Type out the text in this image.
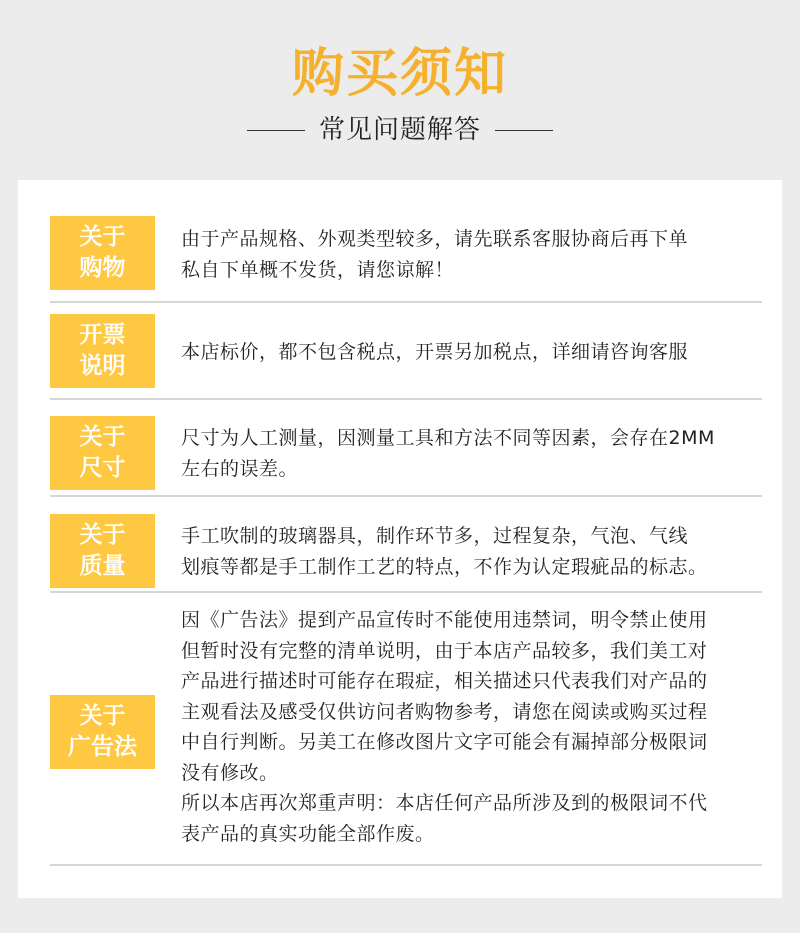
购买须知
常见问题解答
关于
购物

由于产品规格、外观类型较多，请先联系客服协商后再下单

私自下单概不发货，请您谅解！

开票
说明

本店标价，都不包含税点，开票另加税点，详细请咨询客服

关于
尺寸

尺寸为人工测量，因测量工具和方法不同等因素，会存在2MM

左右的误差。

关于
质量

手工吹制的玻璃器具，制作环节多，过程复杂，气泡、气线

划痕等都是手工制作工艺的特点，不作为认定瑕疵品的标志。

关于
广告法

因《广告法》提到产品宣传时不能使用违禁词，明令禁止使用

但暂时没有完整的清单说明，由于本店产品较多，我们美工对

产品进行描述时可能存在瑕症，相关描述只代表我们对产品的

主观看法及感受仅供访问者购物参考，请您在阅读或购买过程

中自行判断。另美工在修改图片文字可能会有漏掉部分极限词

没有修改。

所以本店再次郑重声明：本店任何产品所涉及到的极限词不代

表产品的真实功能全部作废。
